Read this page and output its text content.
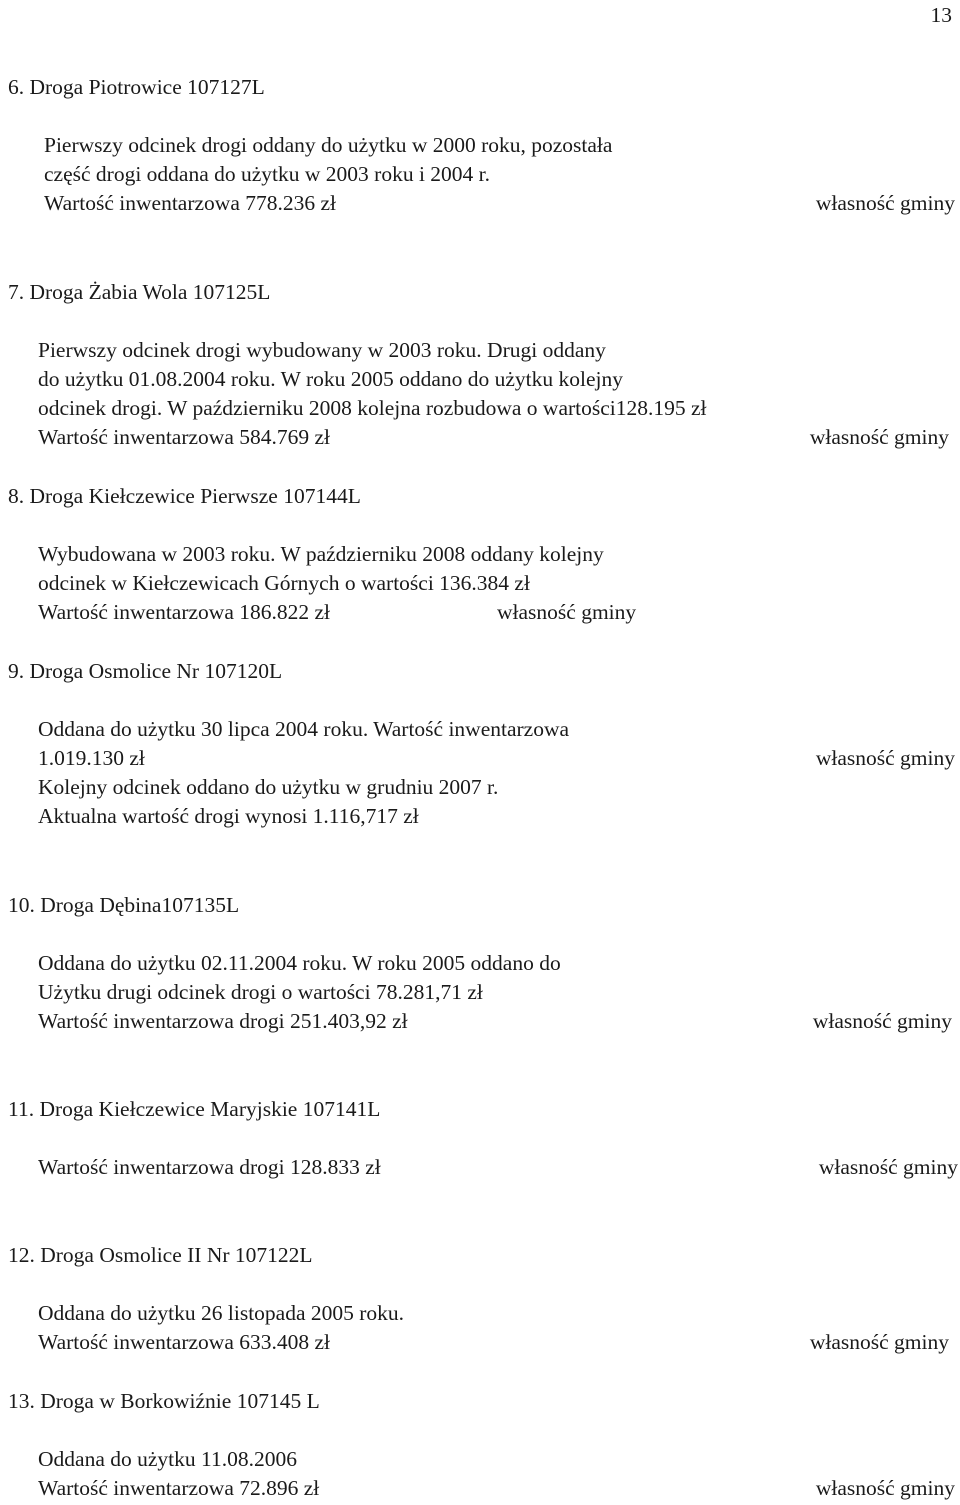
13
6. Droga Piotrowice 107127L
Pierwszy odcinek drogi oddany do użytku w 2000 roku, pozostała
część drogi oddana do użytku w 2003 roku i 2004 r.
Wartość inwentarzowa 778.236 zł	własność gminy
7. Droga Żabia Wola 107125L
Pierwszy odcinek drogi wybudowany w 2003 roku. Drugi oddany
do użytku 01.08.2004 roku. W roku 2005 oddano do użytku kolejny
odcinek drogi. W październiku 2008 kolejna rozbudowa o wartości128.195 zł
Wartość inwentarzowa 584.769 zł	własność gminy
8. Droga Kiełczewice Pierwsze 107144L
Wybudowana w 2003 roku. W październiku 2008 oddany kolejny
odcinek w Kiełczewicach Górnych o wartości 136.384 zł
Wartość inwentarzowa 186.822 zł	własność gminy
9. Droga Osmolice Nr 107120L
Oddana do użytku 30 lipca 2004 roku. Wartość inwentarzowa
1.019.130 zł	własność gminy
Kolejny odcinek oddano do użytku w grudniu 2007 r.
Aktualna wartość drogi wynosi 1.116,717 zł
10. Droga Dębina107135L
Oddana do użytku 02.11.2004 roku. W roku 2005 oddano do
Użytku drugi odcinek drogi o wartości 78.281,71 zł
Wartość inwentarzowa drogi 251.403,92 zł	własność gminy
11. Droga Kiełczewice Maryjskie 107141L
Wartość inwentarzowa drogi 128.833 zł	własność gminy
12. Droga Osmolice II Nr 107122L
Oddana do użytku 26 listopada 2005 roku.
Wartość inwentarzowa 633.408 zł	własność gminy
13. Droga w Borkowiźnie 107145 L
Oddana do użytku 11.08.2006
Wartość inwentarzowa 72.896 zł	własność gminy
